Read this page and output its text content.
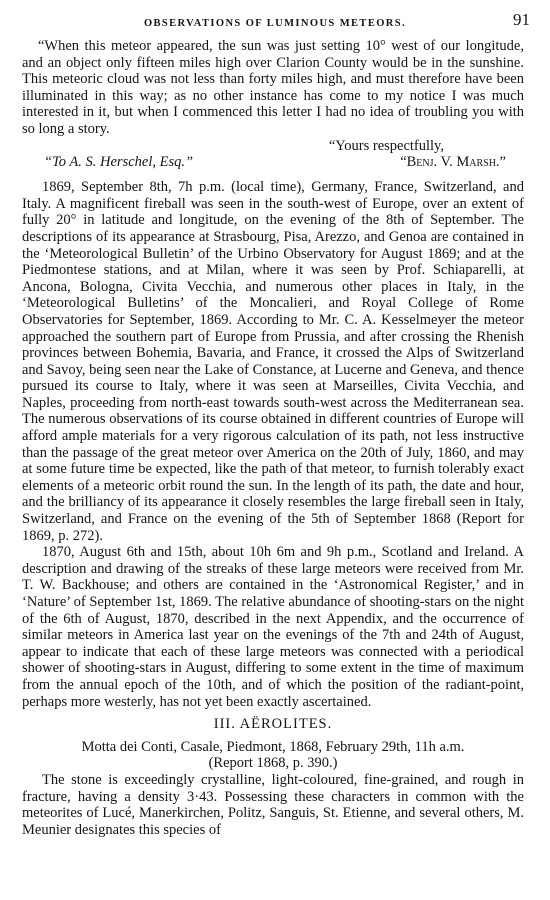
OBSERVATIONS OF LUMINOUS METEORS.	91

“When this meteor appeared, the sun was just setting 10° west of our longitude, and an object only fifteen miles high over Clarion County would be in the sunshine. This meteoric cloud was not less than forty miles high, and must therefore have been illuminated in this way; as no other instance has come to my notice I was much interested in it, but when I commenced this letter I had no idea of troubling you with so long a story.

“Yours respectfully,

“To A. S. Herschel, Esq.”	“Benj. V. Marsh.”

1869, September 8th, 7h p.m. (local time), Germany, France, Switzerland, and Italy. A magnificent fireball was seen in the south-west of Europe, over an extent of fully 20° in latitude and longitude, on the evening of the 8th of September. The descriptions of its appearance at Strasbourg, Pisa, Arezzo, and Genoa are contained in the ‘Meteorological Bulletin’ of the Urbino Observatory for August 1869; and at the Piedmontese stations, and at Milan, where it was seen by Prof. Schiaparelli, at Ancona, Bologna, Civita Vecchia, and numerous other places in Italy, in the ‘Meteorological Bulletins’ of the Moncalieri, and Royal College of Rome Observatories for September, 1869. According to Mr. C. A. Kesselmeyer the meteor approached the southern part of Europe from Prussia, and after crossing the Rhenish provinces between Bohemia, Bavaria, and France, it crossed the Alps of Switzerland and Savoy, being seen near the Lake of Constance, at Lucerne and Geneva, and thence pursued its course to Italy, where it was seen at Marseilles, Civita Vecchia, and Naples, proceeding from north-east towards south-west across the Mediterranean sea. The numerous observations of its course obtained in different countries of Europe will afford ample materials for a very rigorous calculation of its path, not less instructive than the passage of the great meteor over America on the 20th of July, 1860, and may at some future time be expected, like the path of that meteor, to furnish tolerably exact elements of a meteoric orbit round the sun. In the length of its path, the date and hour, and the brilliancy of its appearance it closely resembles the large fireball seen in Italy, Switzerland, and France on the evening of the 5th of September 1868 (Report for 1869, p. 272).

1870, August 6th and 15th, about 10h 6m and 9h p.m., Scotland and Ireland. A description and drawing of the streaks of these large meteors were received from Mr. T. W. Backhouse; and others are contained in the ‘Astronomical Register,’ and in ‘Nature’ of September 1st, 1869. The relative abundance of shooting-stars on the night of the 6th of August, 1870, described in the next Appendix, and the occurrence of similar meteors in America last year on the evenings of the 7th and 24th of August, appear to indicate that each of these large meteors was connected with a periodical shower of shooting-stars in August, differing to some extent in the time of maximum from the annual epoch of the 10th, and of which the position of the radiant-point, perhaps more westerly, has not yet been exactly ascertained.

III. AËROLITES.

Motta dei Conti, Casale, Piedmont, 1868, February 29th, 11h a.m.

(Report 1868, p. 390.)

The stone is exceedingly crystalline, light-coloured, fine-grained, and rough in fracture, having a density 3·43. Possessing these characters in common with the meteorites of Lucé, Manerkirchen, Politz, Sanguis, St. Etienne, and several others, M. Meunier designates this species of
